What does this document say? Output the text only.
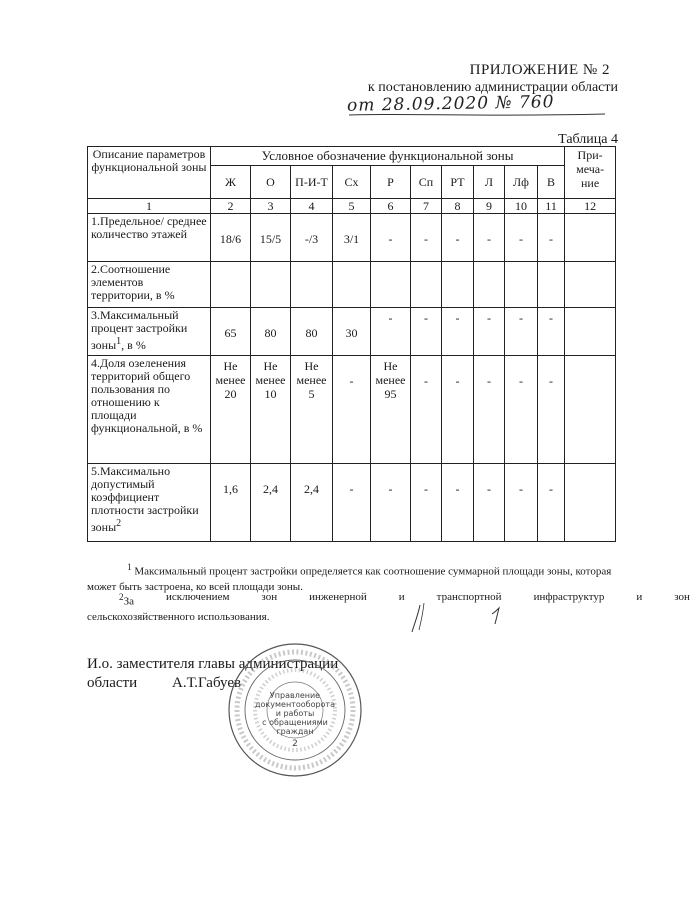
ПРИЛОЖЕНИЕ № 2
к постановлению администрации области
от 28.09.2020 № 760
Таблица 4
Описание параметров функциональной зоны	Условное обозначение функциональной зоны										При-меча-ние
	Ж	О	П-И-Т	Сх	Р	Сп	РТ	Л	Лф	В	
1	2	3	4	5	6	7	8	9	10	11	12
1.Предельное/ среднее количество этажей	18/6	15/5	-/3	3/1	-	-	-	-	-	-	
2.Соотношение элементов территории, в %											
3.Максимальный процент застройки зоны$^1$, в %	65	80	80	30	-	-	-	-	-	-	
4.Доля озеленения территорий общего пользования по отношению к площади функциональной, в %	Не менее 20	Не менее 10	Не менее 5	-	Не менее 95	-	-	-	-	-	
5.Максимально допустимый коэффициент плотности застройки зоны$^2$	1,6	2,4	2,4	-	-	-	-	-	-	-	
$^1$ Максимальный процент застройки определяется как соотношение суммарной площади зоны, которая может быть застроена, ко всей площади зоны.
$^2$За	исключением	зон	инженерной	и	транспортной	инфраструктур	и	зон
сельскохозяйственного использования.
И.о. заместителя главы администрации
области А.Т.Габуев
Управление
документооборота
и работы
с обращениями
граждан
2
